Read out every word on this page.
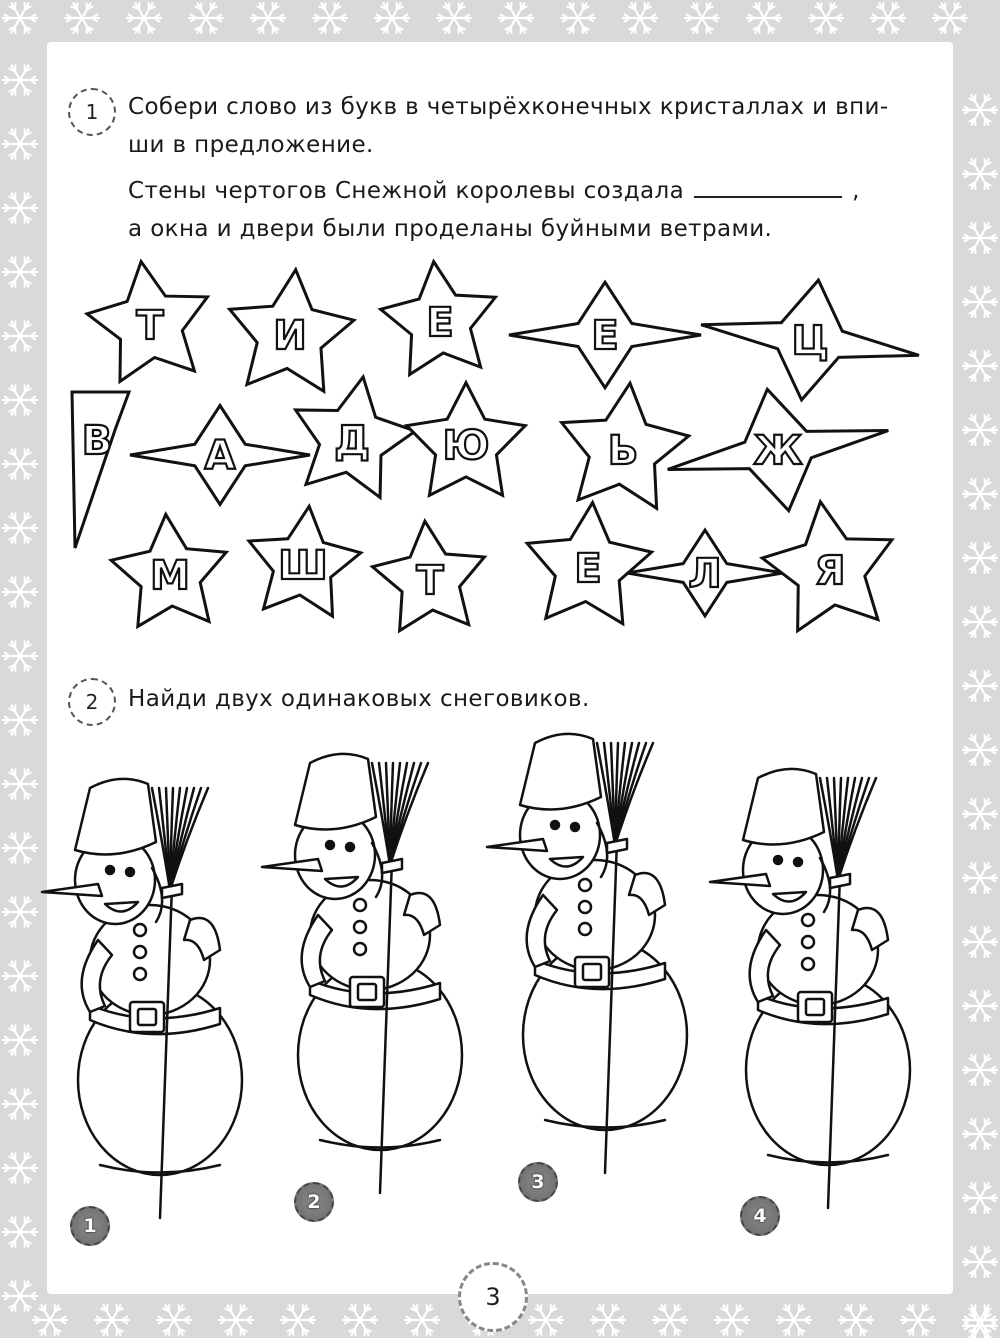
1 Собери слово из букв в четырёхконечных кристаллах и впи-

ши в предложение.

Стены чертогов Снежной королевы создала	,

а окна и двери были проделаны буйными ветрами.

Т	И	Е	Е	Ц
В А Д Ю	Ь	Ж
М Ш Т	Е Л Я
2 Найди двух одинаковых снеговиков.
1
2
3
4
3
